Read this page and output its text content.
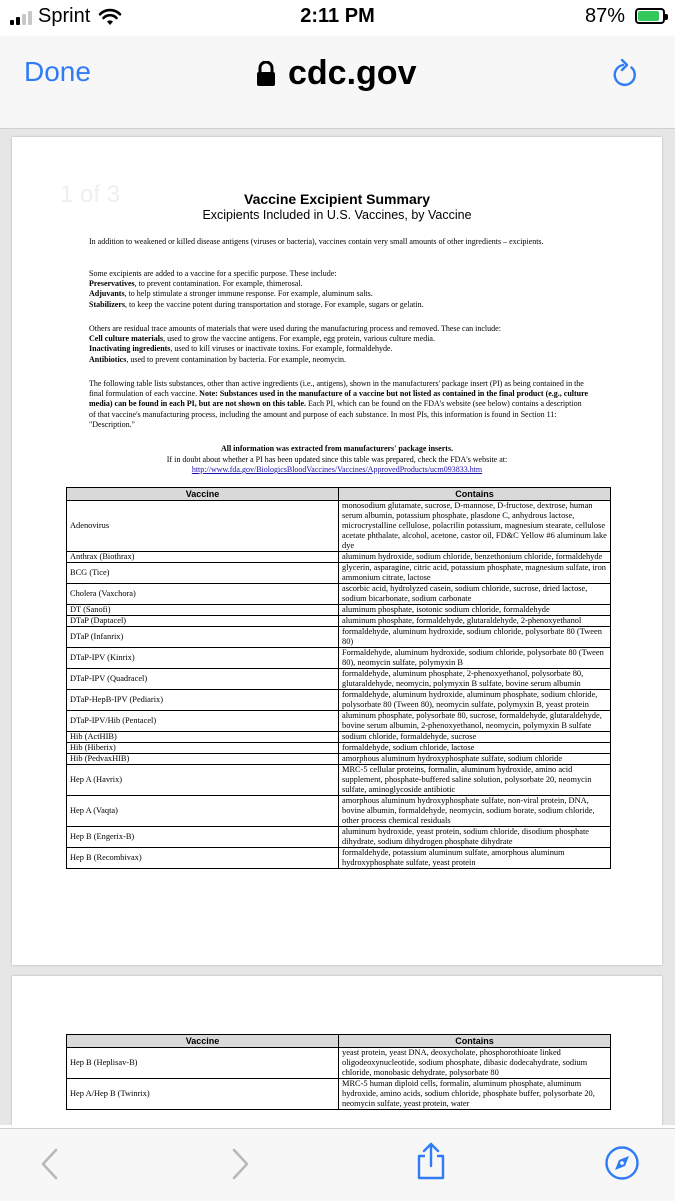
Sprint	2:11 PM	87%
Done	cdc.gov
1 of 3	Vaccine Excipient Summary
Excipients Included in U.S. Vaccines, by Vaccine

In addition to weakened or killed disease antigens (viruses or bacteria), vaccines contain very small amounts of other ingredients – excipients.

Some excipients are added to a vaccine for a specific purpose. These include:

Preservatives, to prevent contamination. For example, thimerosal.

Adjuvants, to help stimulate a stronger immune response. For example, aluminum salts.

Stabilizers, to keep the vaccine potent during transportation and storage. For example, sugars or gelatin.

Others are residual trace amounts of materials that were used during the manufacturing process and removed. These can include:

Cell culture materials, used to grow the vaccine antigens. For example, egg protein, various culture media.

Inactivating ingredients, used to kill viruses or inactivate toxins. For example, formaldehyde.

Antibiotics, used to prevent contamination by bacteria. For example, neomycin.

The following table lists substances, other than active ingredients (i.e., antigens), shown in the manufacturers' package insert (PI) as being contained in the final formulation of each vaccine. Note: Substances used in the manufacture of a vaccine but not listed as contained in the final product (e.g., culture media) can be found in each PI, but are not shown on this table. Each PI, which can be found on the FDA's website (see below) contains a description of that vaccine's manufacturing process, including the amount and purpose of each substance. In most PIs, this information is found in Section 11: "Description."

All information was extracted from manufacturers' package inserts.
If in doubt about whether a PI has been updated since this table was prepared, check the FDA's website at:
http://www.fda.gov/BiologicsBloodVaccines/Vaccines/ApprovedProducts/ucm093833.htm
Vaccine	Contains
Adenovirus	monosodium glutamate, sucrose, D-mannose, D-fructose, dextrose, human serum albumin, potassium phosphate, plasdone C, anhydrous lactose, microcrystalline cellulose, polacrilin potassium, magnesium stearate, cellulose acetate phthalate, alcohol, acetone, castor oil, FD&C Yellow #6 aluminum lake dye
Anthrax (Biothrax)	aluminum hydroxide, sodium chloride, benzethonium chloride, formaldehyde
BCG (Tice)	glycerin, asparagine, citric acid, potassium phosphate, magnesium sulfate, iron ammonium citrate, lactose
Cholera (Vaxchora)	ascorbic acid, hydrolyzed casein, sodium chloride, sucrose, dried lactose, sodium bicarbonate, sodium carbonate
DT (Sanofi)	aluminum phosphate, isotonic sodium chloride, formaldehyde
DTaP (Daptacel)	aluminum phosphate, formaldehyde, glutaraldehyde, 2-phenoxyethanol
DTaP (Infanrix)	formaldehyde, aluminum hydroxide, sodium chloride, polysorbate 80 (Tween 80)
DTaP-IPV (Kinrix)	Formaldehyde, aluminum hydroxide, sodium chloride, polysorbate 80 (Tween 80), neomycin sulfate, polymyxin B
DTaP-IPV (Quadracel)	formaldehyde, aluminum phosphate, 2-phenoxyethanol, polysorbate 80, glutaraldehyde, neomycin, polymyxin B sulfate, bovine serum albumin
DTaP-HepB-IPV (Pediarix)	formaldehyde, aluminum hydroxide, aluminum phosphate, sodium chloride, polysorbate 80 (Tween 80), neomycin sulfate, polymyxin B, yeast protein
DTaP-IPV/Hib (Pentacel)	aluminum phosphate, polysorbate 80, sucrose, formaldehyde, glutaraldehyde, bovine serum albumin, 2-phenoxyethanol, neomycin, polymyxin B sulfate
Hib (ActHIB)	sodium chloride, formaldehyde, sucrose
Hib (Hiberix)	formaldehyde, sodium chloride, lactose
Hib (PedvaxHIB)	amorphous aluminum hydroxyphosphate sulfate, sodium chloride
Hep A (Havrix)	MRC-5 cellular proteins, formalin, aluminum hydroxide, amino acid supplement, phosphate-buffered saline solution, polysorbate 20, neomycin sulfate, aminoglycoside antibiotic
Hep A (Vaqta)	amorphous aluminum hydroxyphosphate sulfate, non-viral protein, DNA, bovine albumin, formaldehyde, neomycin, sodium borate, sodium chloride, other process chemical residuals
Hep B (Engerix-B)	aluminum hydroxide, yeast protein, sodium chloride, disodium phosphate dihydrate, sodium dihydrogen phosphate dihydrate
Hep B (Recombivax)	formaldehyde, potassium aluminum sulfate, amorphous aluminum hydroxyphosphate sulfate, yeast protein
Vaccine	Contains
Hep B (Heplisav-B)	yeast protein, yeast DNA, deoxycholate, phosphorothioate linked oligodeoxynucleotide, sodium phosphate, dibasic dodecahydrate, sodium chloride, monobasic dehydrate, polysorbate 80
Hep A/Hep B (Twinrix)	MRC-5 human diploid cells, formalin, aluminum phosphate, aluminum hydroxide, amino acids, sodium chloride, phosphate buffer, polysorbate 20, neomycin sulfate, yeast protein, water
